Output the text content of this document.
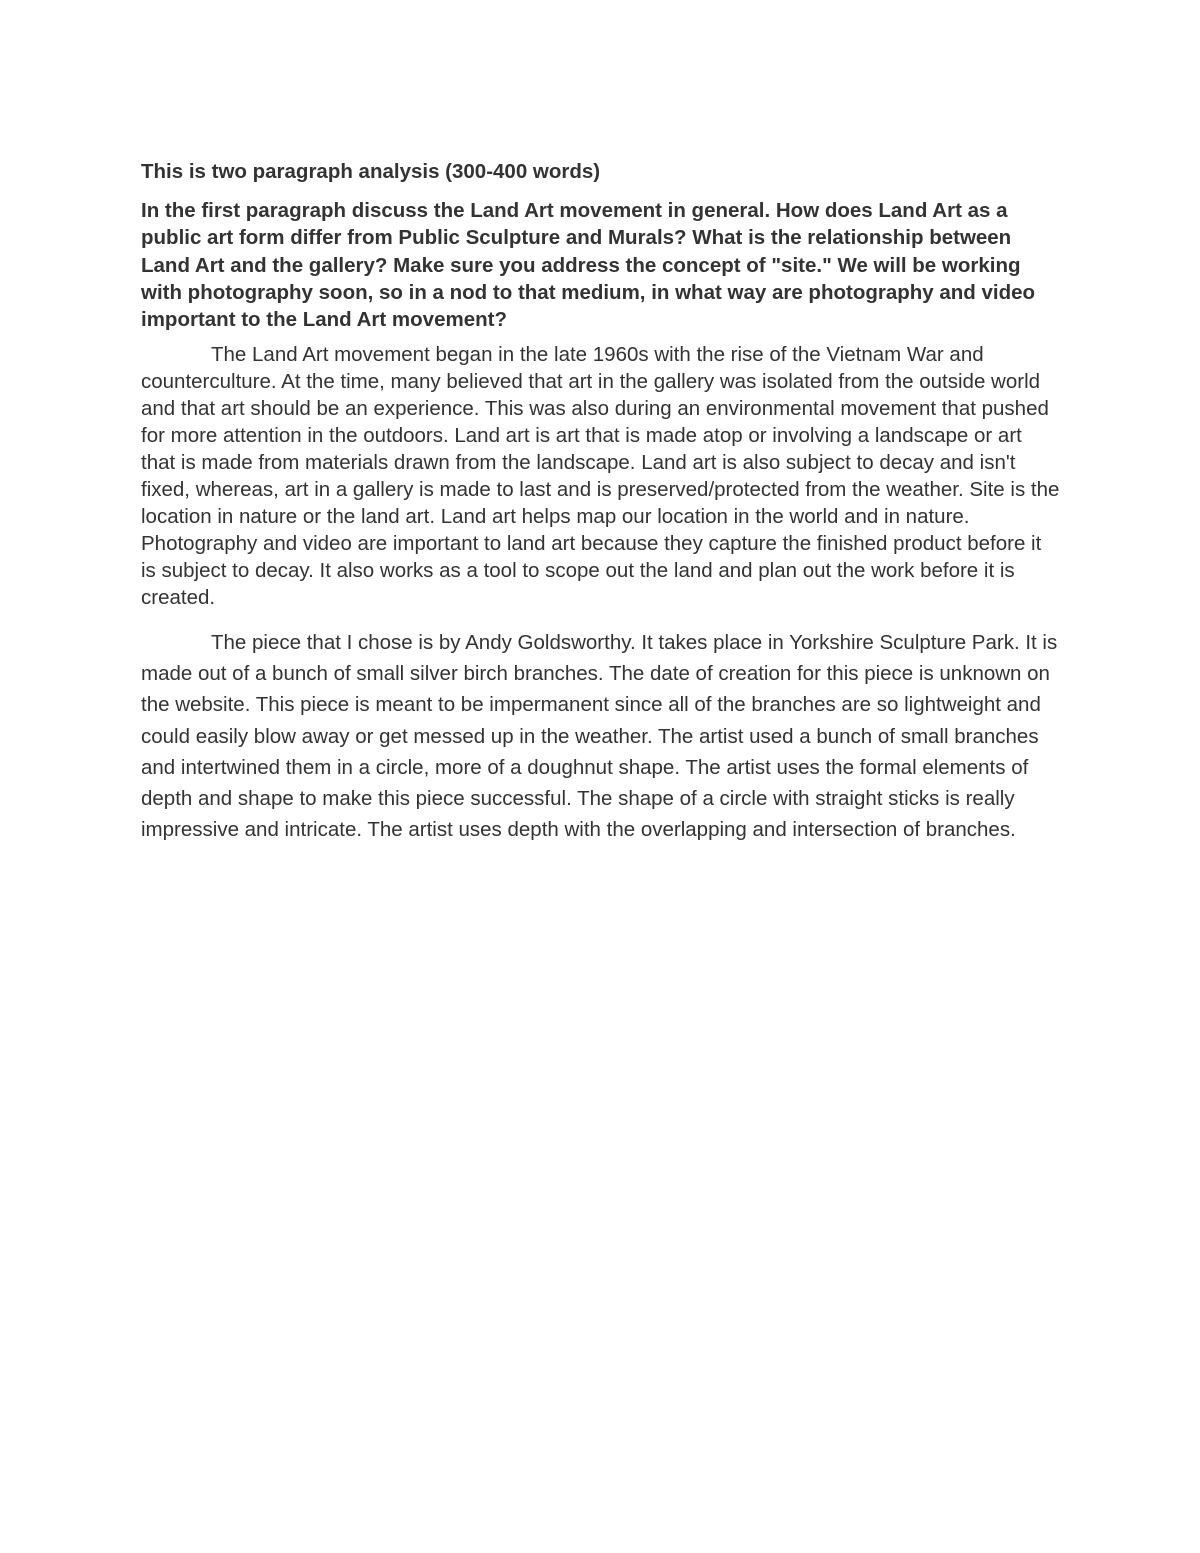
This is two paragraph analysis (300-400 words)

In the first paragraph discuss the Land Art movement in general. How does Land Art as a public art form differ from Public Sculpture and Murals? What is the relationship between Land Art and the gallery? Make sure you address the concept of "site." We will be working with photography soon, so in a nod to that medium, in what way are photography and video important to the Land Art movement?

The Land Art movement began in the late 1960s with the rise of the Vietnam War and counterculture. At the time, many believed that art in the gallery was isolated from the outside world and that art should be an experience. This was also during an environmental movement that pushed for more attention in the outdoors. Land art is art that is made atop or involving a landscape or art that is made from materials drawn from the landscape. Land art is also subject to decay and isn't fixed, whereas, art in a gallery is made to last and is preserved/protected from the weather. Site is the location in nature or the land art. Land art helps map our location in the world and in nature. Photography and video are important to land art because they capture the finished product before it is subject to decay. It also works as a tool to scope out the land and plan out the work before it is created.

The piece that I chose is by Andy Goldsworthy. It takes place in Yorkshire Sculpture Park. It is made out of a bunch of small silver birch branches. The date of creation for this piece is unknown on the website. This piece is meant to be impermanent since all of the branches are so lightweight and could easily blow away or get messed up in the weather. The artist used a bunch of small branches and intertwined them in a circle, more of a doughnut shape. The artist uses the formal elements of depth and shape to make this piece successful. The shape of a circle with straight sticks is really impressive and intricate. The artist uses depth with the overlapping and intersection of branches.
